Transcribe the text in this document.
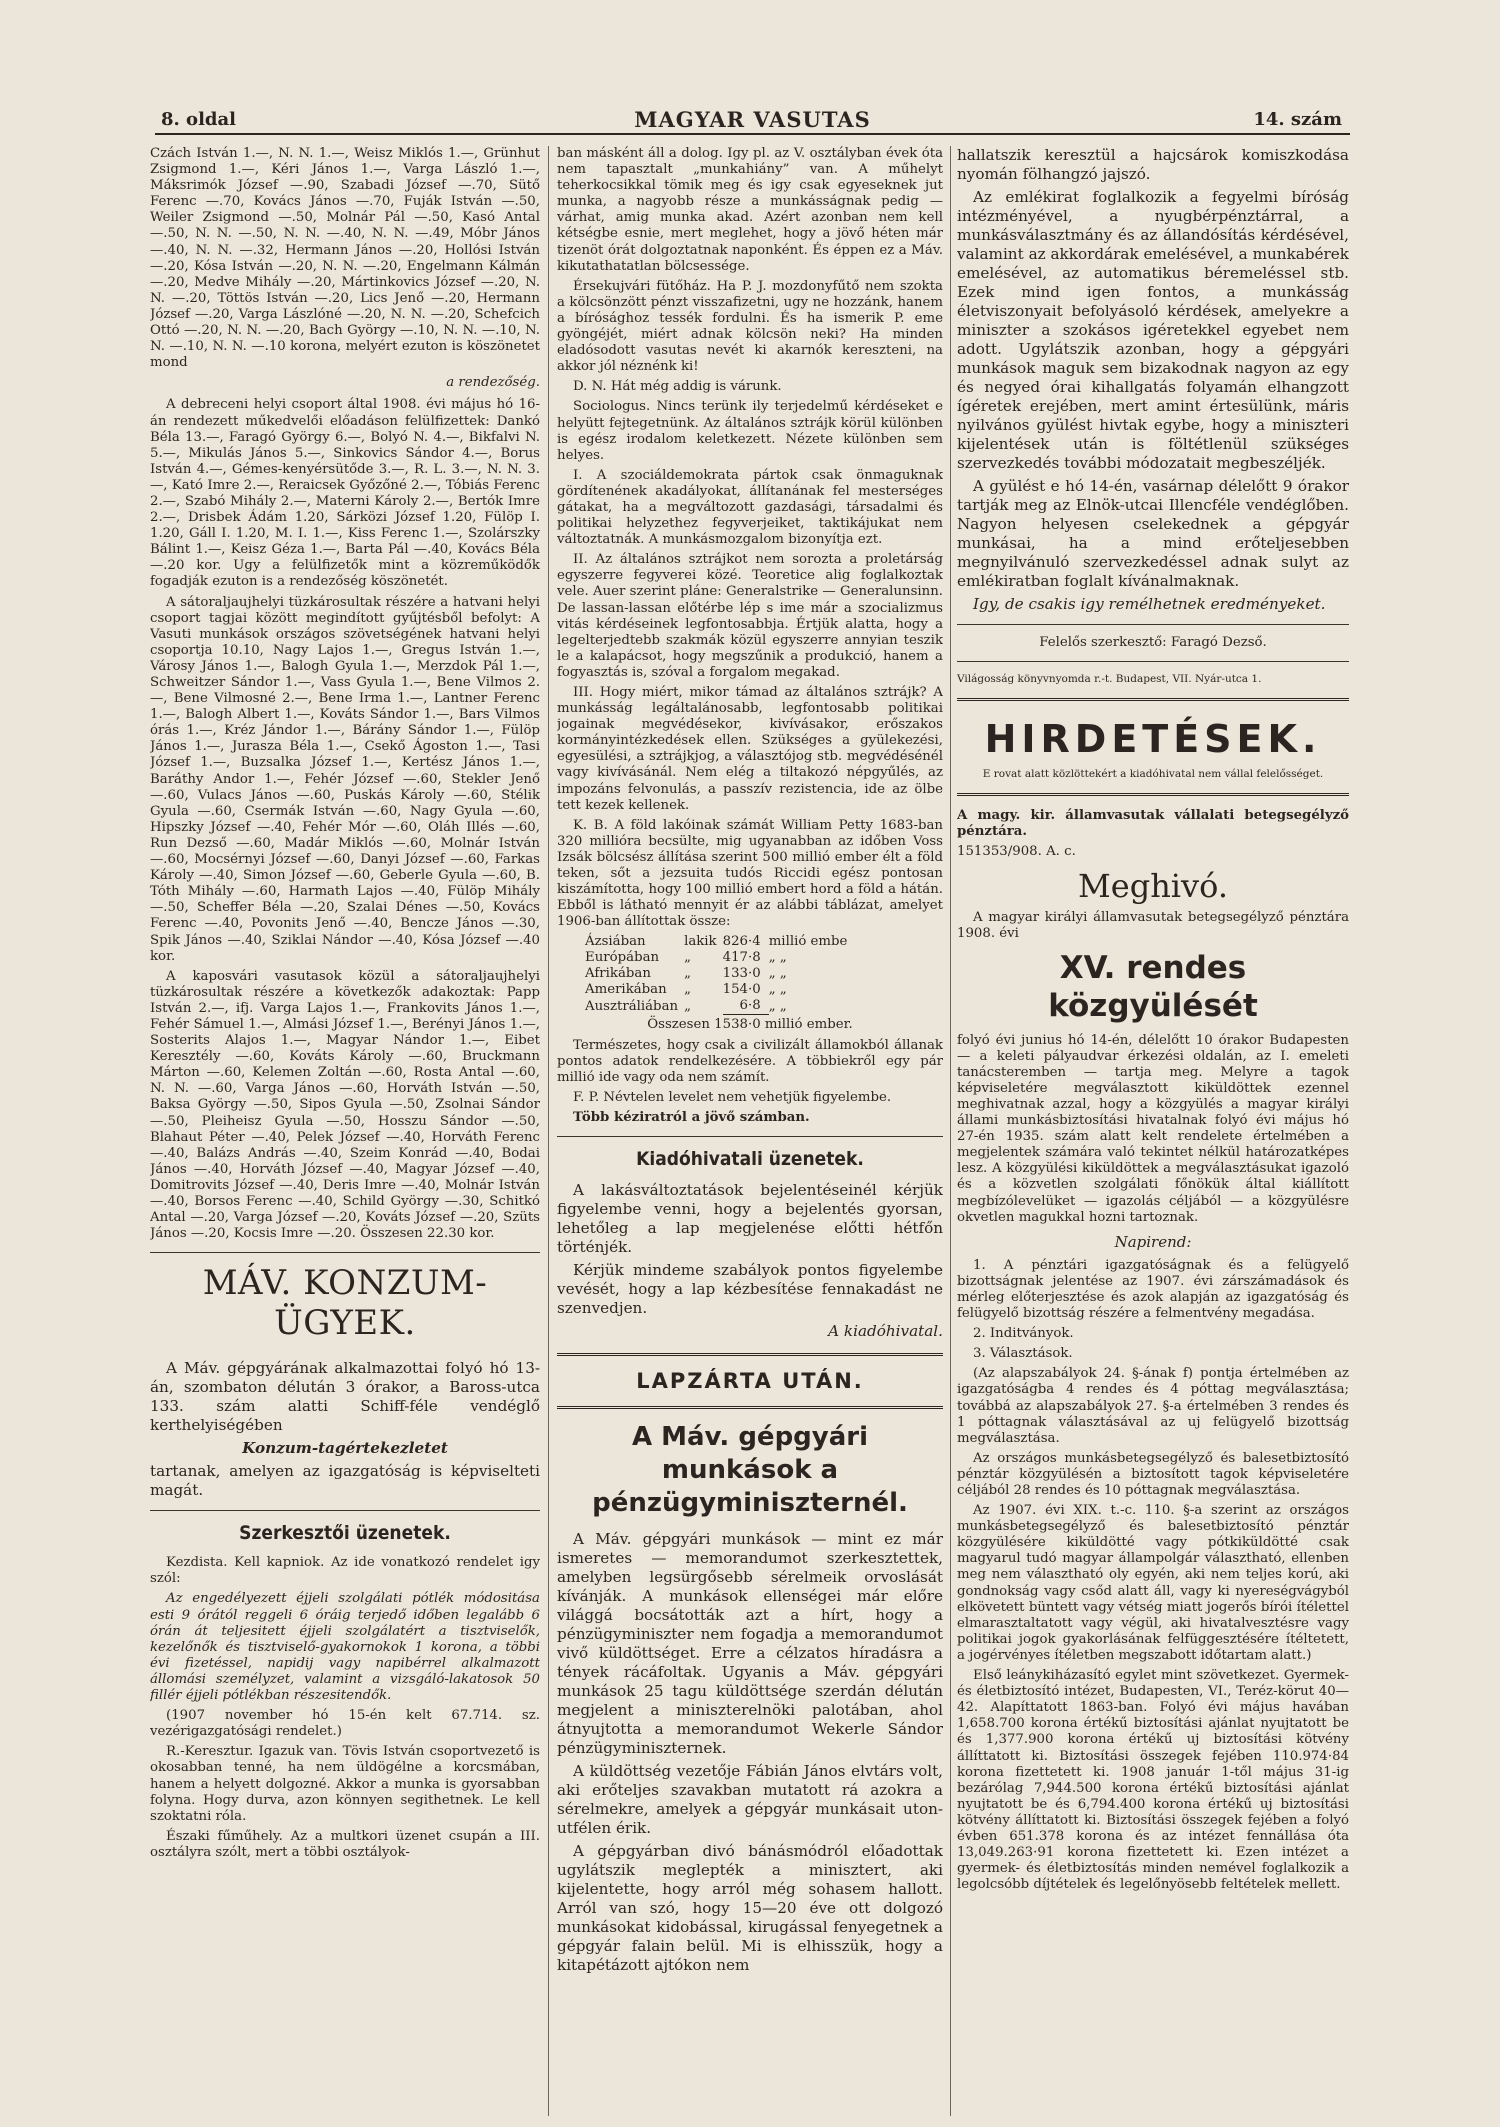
8. oldal	MAGYAR VASUTAS	14. szám

Czách István 1.—, N. N. 1.—, Weisz Miklós 1.—, Grünhut Zsigmond 1.—, Kéri János 1.—, Varga László 1.—, Máksrimók József —.90, Szabadi József —.70, Sütő Ferenc —.70, Kovács János —.70, Fuják István —.50, Weiler Zsigmond —.50, Molnár Pál —.50, Kasó Antal —.50, N. N. —.50, N. N. —.40, N. N. —.49, Móbr János —.40, N. N. —.32, Hermann János —.20, Hollósi István —.20, Kósa István —.20, N. N. —.20, Engelmann Kálmán —.20, Medve Mihály —.20, Mártinkovics József —.20, N. N. —.20, Töttös István —.20, Lics Jenő —.20, Hermann József —.20, Varga Lászlóné —.20, N. N. —.20, Schefcich Ottó —.20, N. N. —.20, Bach György —.10, N. N. —.10, N. N. —.10, N. N. —.10 korona, melyért ezuton is köszönetet mond

a rendezőség.

A debreceni helyi csoport által 1908. évi május hó 16-án rendezett műkedvelői előadáson felülfizettek: Dankó Béla 13.—, Faragó György 6.—, Bolyó N. 4.—, Bikfalvi N. 5.—, Mikulás János 5.—, Sinkovics Sándor 4.—, Borus István 4.—, Gémes-kenyérsütőde 3.—, R. L. 3.—, N. N. 3.—, Kató Imre 2.—, Reraicsek Győzőné 2.—, Tóbiás Ferenc 2.—, Szabó Mihály 2.—, Materni Károly 2.—, Bertók Imre 2.—, Drisbek Ádám 1.20, Sárközi József 1.20, Fülöp I. 1.20, Gáll I. 1.20, M. I. 1.—, Kiss Ferenc 1.—, Szolárszky Bálint 1.—, Keisz Géza 1.—, Barta Pál —.40, Kovács Béla —.20 kor. Ugy a felülfizetők mint a közreműködők fogadják ezuton is a rendezőség köszönetét.

A sátoraljaujhelyi tüzkárosultak részére a hatvani helyi csoport tagjai között megindított gyűjtésből befolyt: A Vasuti munkások országos szövetségének hatvani helyi csoportja 10.10, Nagy Lajos 1.—, Gregus István 1.—, Városy János 1.—, Balogh Gyula 1.—, Merzdok Pál 1.—, Schweitzer Sándor 1.—, Vass Gyula 1.—, Bene Vilmos 2.—, Bene Vilmosné 2.—, Bene Irma 1.—, Lantner Ferenc 1.—, Balogh Albert 1.—, Kováts Sándor 1.—, Bars Vilmos órás 1.—, Kréz Jándor 1.—, Bárány Sándor 1.—, Fülöp János 1.—, Juraszа Béla 1.—, Csekő Ágoston 1.—, Tasi József 1.—, Buzsalka József 1.—, Kertész János 1.—, Baráthy Andor 1.—, Fehér József —.60, Stekler Jenő —.60, Vulacs János —.60, Puskás Károly —.60, Stélik Gyula —.60, Csermák István —.60, Nagy Gyula —.60, Hipszky József —.40, Fehér Mór —.60, Oláh Illés —.60, Run Dezső —.60, Madár Miklós —.60, Molnár István —.60, Mocsérnyi József —.60, Danyi József —.60, Farkas Károly —.40, Simon József —.60, Geberle Gyula —.60, B. Tóth Mihály —.60, Harmath Lajos —.40, Fülöp Mihály —.50, Scheffer Béla —.20, Szalai Dénes —.50, Kovács Ferenc —.40, Povonits Jenő —.40, Bencze János —.30, Spik János —.40, Sziklai Nándor —.40, Kósa József —.40 kor.

A kaposvári vasutasok közül a sátoraljaujhelyi tüzkárosultak részére a következők adakoztak: Papp István 2.—, ifj. Varga Lajos 1.—, Frankovits János 1.—, Fehér Sámuel 1.—, Almási József 1.—, Berényi János 1.—, Sosterits Alajos 1.—, Magyar Nándor 1.—, Eibet Keresztély —.60, Kováts Károly —.60, Bruckmann Márton —.60, Kelemen Zoltán —.60, Rosta Antal —.60, N. N. —.60, Varga János —.60, Horváth István —.50, Baksa György —.50, Sipos Gyula —.50, Zsolnai Sándor —.50, Pleiheisz Gyula —.50, Hosszu Sándor —.50, Blahaut Péter —.40, Pelek József —.40, Horváth Ferenc —.40, Balázs András —.40, Szeim Konrád —.40, Bodai János —.40, Horváth József —.40, Magyar József —.40, Domitrovits József —.40, Deris Imre —.40, Molnár István —.40, Borsos Ferenc —.40, Schild György —.30, Schitkó Antal —.20, Varga József —.20, Kováts József —.20, Szüts János —.20, Kocsis Imre —.20. Összesen 22.30 kor.

MÁV. KONZUM-ÜGYEK.

A Máv. gépgyárának alkalmazottai folyó hó 13-án, szombaton délután 3 órakor, a Baross-utca 133. szám alatti Schiff-féle vendéglő kerthelyiségében

Konzum-tagértekezletet

tartanak, amelyen az igazgatóság is képviselteti magát.

Szerkesztői üzenetek.

Kezdista. Kell kapniok. Az ide vonatkozó rendelet igy szól:

Az engedélyezett éjjeli szolgálati pótlék módositása esti 9 órától reggeli 6 óráig terjedő időben legalább 6 órán át teljesitett éjjeli szolgálatért a tisztviselők, kezelőnők és tisztviselő-gyakornokok 1 korona, a többi évi fizetéssel, napidij vagy napibérrel alkalmazott állomási személyzet, valamint a vizsgáló-lakatosok 50 fillér éjjeli pótlékban részesitendők.

(1907 november hó 15-én kelt 67.714. sz. vezérigazgatósági rendelet.)

R.-Keresztur. Igazuk van. Tövis István csoportvezető is okosabban tenné, ha nem üldögélne a korcsmában, hanem a helyett dolgozné. Akkor a munka is gyorsabban folyna. Hogy durva, azon könnyen segithetnek. Le kell szoktatni róla.

Északi fűműhely. Az a multkori üzenet csupán a III. osztályra szólt, mert a többi osztályok-

ban másként áll a dolog. Igy pl. az V. osztályban évek óta nem tapasztalt „munkahiány” van. A műhelyt teherkocsikkal tömik meg és igy csak egyeseknek jut munka, a nagyobb része a munkásságnak pedig — várhat, amig munka akad. Azért azonban nem kell kétségbe esnie, mert meglehet, hogy a jövő héten már tizenöt órát dolgoztatnak naponként. És éppen ez a Máv. kikutathatatlan bölcsessége.

Érsekujvári fütőház. Ha P. J. mozdonyfűtő nem szokta a kölcsönzött pénzt visszafizetni, ugy ne hozzánk, hanem a bírósághoz tessék fordulni. És ha ismerik P. eme gyöngéjét, miért adnak kölcsön neki? Ha minden eladósodott vasutas nevét ki akarnók kereszteni, na akkor jól néznénk ki!

D. N. Hát még addig is várunk.

Sociologus. Nincs terünk ily terjedelmű kérdéseket e helyütt fejtegetnünk. Az általános sztrájk körül különben is egész irodalom keletkezett. Nézete különben sem helyes.

I. A szociáldemokrata pártok csak önmaguknak gördítenének akadályokat, állítanának fel mesterséges gátakat, ha a megváltozott gazdasági, társadalmi és politikai helyzethez fegyverjeiket, taktikájukat nem változtatnák. A munkásmozgalom bizonyítja ezt.

II. Az általános sztrájkot nem sorozta a proletárság egyszerre fegyverei közé. Teoretice alig foglalkoztak vele. Auer szerint pláne: Generalstrike — Generalunsinn. De lassan-lassan előtérbe lép s ime már a szocializmus vitás kérdéseinek legfontosabbja. Értjük alatta, hogy a legelterjedtebb szakmák közül egyszerre annyian teszik le a kalapácsot, hogy megszűnik a produkció, hanem a fogyasztás is, szóval a forgalom megakad.

III. Hogy miért, mikor támad az általános sztrájk? A munkásság legáltalánosabb, legfontosabb politikai jogainak megvédésekor, kivívásakor, erőszakos kormányintézkedések ellen. Szükséges a gyülekezési, egyesülési, a sztrájkjog, a választójog stb. megvédésénél vagy kivívásánál. Nem elég a tiltakozó népgyűlés, az impozáns felvonulás, a passzív rezistencia, ide az ölbe tett kezek kellenek.

K. B. A föld lakóinak számát William Petty 1683-ban 320 millióra becsülte, mig ugyanabban az időben Voss Izsák bölcsész állítása szerint 500 millió ember élt a föld teken, sőt a jezsuita tudós Riccidi egész pontosan kiszámította, hogy 100 millió embert hord a föld a hátán. Ebből is látható mennyit ér az alábbi táblázat, amelyet 1906-ban állítottak össze:

Ázsiában	lakik	826·4	millió embe
Európában	„	417·8	„ „
Afrikában	„	133·0	„ „
Amerikában	„	154·0	„ „
Ausztráliában	„	6·8	„ „

Összesen 1538·0 millió ember.

Természetes, hogy csak a civilizált államokból állanak pontos adatok rendelkezésére. A többiekről egy pár millió ide vagy oda nem számít.

F. P. Névtelen levelet nem vehetjük figyelembe.

Több kéziratról a jövő számban.

Kiadóhivatali üzenetek.

A lakásváltoztatások bejelentéseinél kérjük figyelembe venni, hogy a bejelentés gyorsan, lehetőleg a lap megjelenése előtti hétfőn történjék.

Kérjük mindeme szabályok pontos figyelembe vevését, hogy a lap kézbesítése fennakadást ne szenvedjen.

A kiadóhivatal.

LAPZÁRTA UTÁN.
A Máv. gépgyári munkások a pénzügyminiszternél.

A Máv. gépgyári munkások — mint ez már ismeretes — memorandumot szerkesztettek, amelyben legsürgősebb sérelmeik orvoslását kívánják. A munkások ellenségei már előre világgá bocsátották azt a hírt, hogy a pénzügyminiszter nem fogadja a memorandumot vivő küldöttséget. Erre a célzatos híradásra a tények rácáfoltak. Ugyanis a Máv. gépgyári munkások 25 tagu küldöttsége szerdán délután megjelent a miniszterelnöki palotában, ahol átnyujtotta a memorandumot Wekerle Sándor pénzügyminiszternek.

A küldöttség vezetője Fábián János elvtárs volt, aki erőteljes szavakban mutatott rá azokra a sérelmekre, amelyek a gépgyár munkásait uton-utfélen érik.

A gépgyárban divó bánásmódról előadottak ugylátszik meglepték a minisztert, aki kijelentette, hogy arról még sohasem hallott. Arról van szó, hogy 15—20 éve ott dolgozó munkásokat kidobással, kirugással fenyegetnek a gépgyár falain belül. Mi is elhisszük, hogy a kitapétázott ajtókon nem

hallatszik keresztül a hajcsárok komiszkodása nyomán fölhangzó jajszó.

Az emlékirat foglalkozik a fegyelmi bíróság intézményével, a nyugbérpénztárral, a munkásválasztmány és az állandósítás kérdésével, valamint az akkordárak emelésével, a munkabérek emelésével, az automatikus béremeléssel stb. Ezek mind igen fontos, a munkásság életviszonyait befolyásoló kérdések, amelyekre a miniszter a szokásos igéretekkel egyebet nem adott. Ugylátszik azonban, hogy a gépgyári munkások maguk sem bizakodnak nagyon az egy és negyed órai kihallgatás folyamán elhangzott ígéretek erejében, mert amint értesülünk, máris nyilvános gyülést hivtak egybe, hogy a miniszteri kijelentések után is föltétlenül szükséges szervezkedés további módozatait megbeszéljék.

A gyülést e hó 14-én, vasárnap délelőtt 9 órakor tartják meg az Elnök-utcai Illencféle vendéglőben. Nagyon helyesen cselekednek a gépgyár munkásai, ha a mind erőteljesebben megnyilvánuló szervezkedéssel adnak sulyt az emlékiratban foglalt kívánalmaknak.

Igy, de csakis igy remélhetnek eredményeket.

Felelős szerkesztő: Faragó Dezső.

Világosság könyvnyomda r.-t. Budapest, VII. Nyár-utca 1.

HIRDETÉSEK.

E rovat alatt közlöttekért a kiadóhivatal nem vállal felelősséget.

A magy. kir. államvasutak vállalati betegsegélyző pénztára.

151353/908. A. c.

Meghivó.

A magyar királyi államvasutak betegsegélyző pénztára 1908. évi

XV. rendes közgyülését

folyó évi junius hó 14-én, délelőtt 10 órakor Budapesten — a keleti pályaudvar érkezési oldalán, az I. emeleti tanácsteremben — tartja meg. Melyre a tagok képviseletére megválasztott kiküldöttek ezennel meghivatnak azzal, hogy a közgyülés a magyar királyi állami munkásbiztosítási hivatalnak folyó évi május hó 27-én 1935. szám alatt kelt rendelete értelmében a megjelentek számára való tekintet nélkül határozatképes lesz. A közgyülési kiküldöttek a megválasztásukat igazoló és a közvetlen szolgálati főnökük által kiállított megbízólevelüket — igazolás céljából — a közgyülésre okvetlen magukkal hozni tartoznak.

Napirend:

1. A pénztári igazgatóságnak és a felügyelő bizottságnak jelentése az 1907. évi zárszámadások és mérleg előterjesztése és azok alapján az igazgatóság és felügyelő bizottság részére a felmentvény megadása.

2. Inditványok.

3. Választások.

(Az alapszabályok 24. §-ának f) pontja értelmében az igazgatóságba 4 rendes és 4 póttag megválasztása; továbbá az alapszabályok 27. §-a értelmében 3 rendes és 1 póttagnak választásával az uj felügyelő bizottság megválasztása.

Az országos munkásbetegsegélyző és balesetbiztosító pénztár közgyülésén a biztosított tagok képviseletére céljából 28 rendes és 10 póttagnak megválasztása.

Az 1907. évi XIX. t.-c. 110. §-a szerint az országos munkásbetegsegélyző és balesetbiztosító pénztár közgyülésére kiküldötté vagy pótkiküldötté csak magyarul tudó magyar állampolgár választható, ellenben meg nem választható oly egyén, aki nem teljes korú, aki gondnokság vagy csőd alatt áll, vagy ki nyereségvágyból elkövetett büntett vagy vétség miatt jogerős bírói ítélettel elmarasztaltatott vagy végül, aki hivatalvesztésre vagy politikai jogok gyakorlásának felfüggesztésére ítéltetett, a jogérvényes ítéletben megszabott időtartam alatt.)

Első leánykiházasító egylet mint szövetkezet. Gyermek- és életbiztosító intézet, Budapesten, VI., Teréz-körut 40—42. Alapíttatott 1863-ban. Folyó évi május havában 1,658.700 korona értékű biztosítási ajánlat nyujtatott be és 1,377.900 korona értékű uj biztosítási kötvény állíttatott ki. Biztosítási összegek fejében 110.974·84 korona fizettetett ki. 1908 január 1-től május 31-ig bezárólag 7,944.500 korona értékű biztosítási ajánlat nyujtatott be és 6,794.400 korona értékű uj biztosítási kötvény állíttatott ki. Biztosítási összegek fejében a folyó évben 651.378 korona és az intézet fennállása óta 13,049.263·91 korona fizettetett ki. Ezen intézet a gyermek- és életbiztosítás minden nemével foglalkozik a legolcsóbb díjtételek és legelőnyösebb feltételek mellett.
